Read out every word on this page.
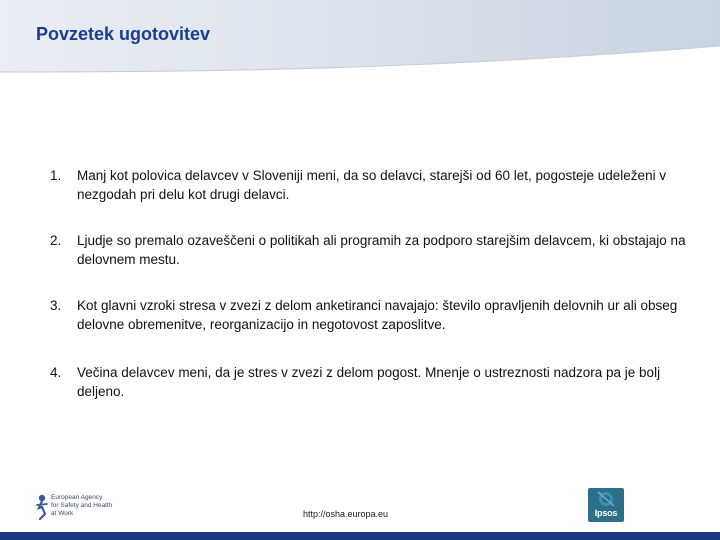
Povzetek ugotovitev
1. Manj kot polovica delavcev v Sloveniji meni, da so delavci, starejši od 60 let, pogosteje udeleženi v nezgodah pri delu kot drugi delavci.
2. Ljudje so premalo ozaveščeni o politikah ali programih za podporo starejšim delavcem, ki obstajajo na delovnem mestu.
3. Kot glavni vzroki stresa v zvezi z delom anketiranci navajajo: število opravljenih delovnih ur ali obseg delovne obremenitve, reorganizacijo in negotovost zaposlitve.
4. Večina delavcev meni, da je stres v zvezi z delom pogost. Mnenje o ustreznosti nadzora pa je bolj deljeno.
European Agency
for Safety and Health
at Work	http://osha.europa.eu	Ipsos
